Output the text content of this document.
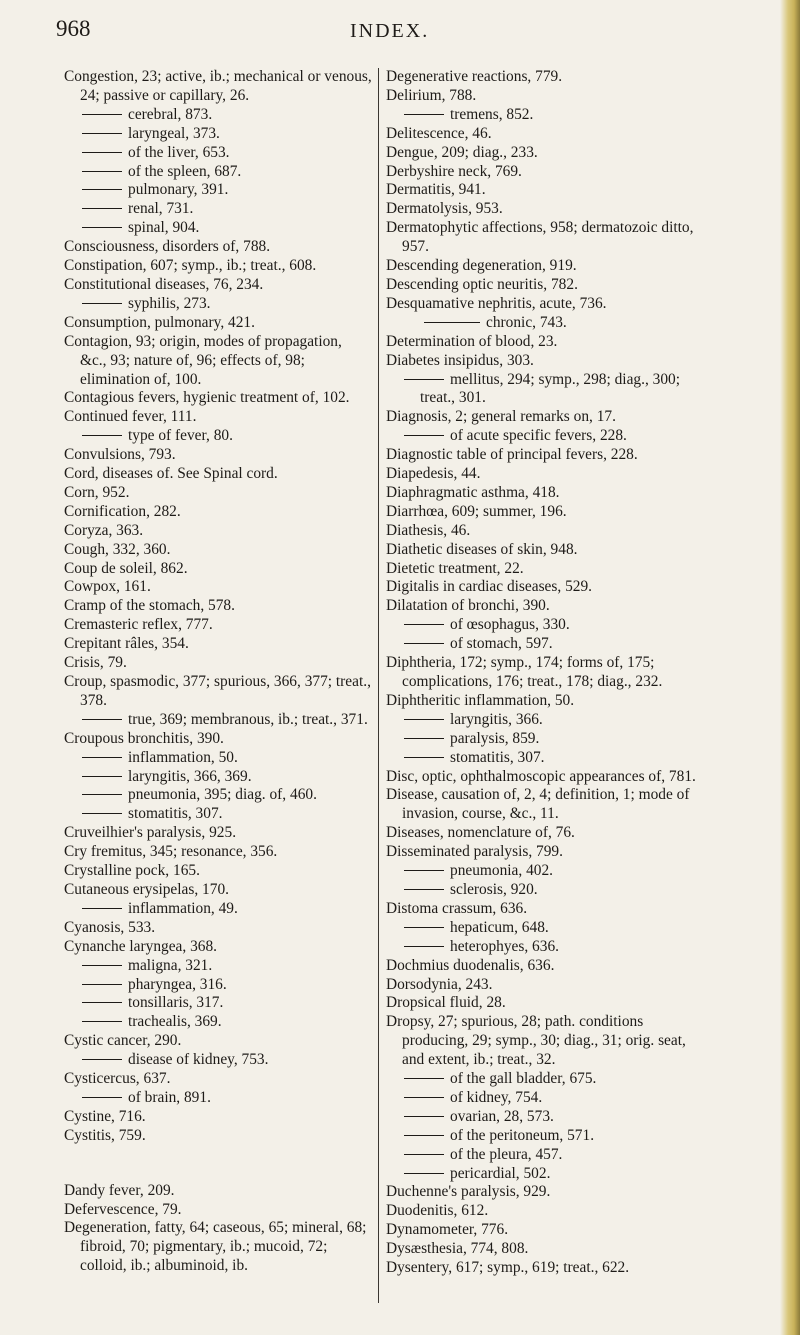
968	INDEX.
Congestion, 23; active, ib.; mechanical or venous, 24; passive or capillary, 26.
cerebral, 873.
laryngeal, 373.
of the liver, 653.
of the spleen, 687.
pulmonary, 391.
renal, 731.
spinal, 904.
Consciousness, disorders of, 788.
Constipation, 607; symp., ib.; treat., 608.
Constitutional diseases, 76, 234.
syphilis, 273.
Consumption, pulmonary, 421.
Contagion, 93; origin, modes of propagation, &c., 93; nature of, 96; effects of, 98; elimination of, 100.
Contagious fevers, hygienic treatment of, 102.
Continued fever, 111.
type of fever, 80.
Convulsions, 793.
Cord, diseases of. See Spinal cord.
Corn, 952.
Cornification, 282.
Coryza, 363.
Cough, 332, 360.
Coup de soleil, 862.
Cowpox, 161.
Cramp of the stomach, 578.
Cremasteric reflex, 777.
Crepitant râles, 354.
Crisis, 79.
Croup, spasmodic, 377; spurious, 366, 377; treat., 378.
true, 369; membranous, ib.; treat., 371.
Croupous bronchitis, 390.
inflammation, 50.
laryngitis, 366, 369.
pneumonia, 395; diag. of, 460.
stomatitis, 307.
Cruveilhier's paralysis, 925.
Cry fremitus, 345; resonance, 356.
Crystalline pock, 165.
Cutaneous erysipelas, 170.
inflammation, 49.
Cyanosis, 533.
Cynanche laryngea, 368.
maligna, 321.
pharyngea, 316.
tonsillaris, 317.
trachealis, 369.
Cystic cancer, 290.
disease of kidney, 753.
Cysticercus, 637.
of brain, 891.
Cystine, 716.
Cystitis, 759.
Dandy fever, 209.
Defervescence, 79.
Degeneration, fatty, 64; caseous, 65; mineral, 68; fibroid, 70; pigmentary, ib.; mucoid, 72; colloid, ib.; albuminoid, ib.
Degenerative reactions, 779.
Delirium, 788.
tremens, 852.
Delitescence, 46.
Dengue, 209; diag., 233.
Derbyshire neck, 769.
Dermatitis, 941.
Dermatolysis, 953.
Dermatophytic affections, 958; dermatozoic ditto, 957.
Descending degeneration, 919.
Descending optic neuritis, 782.
Desquamative nephritis, acute, 736.
chronic, 743.
Determination of blood, 23.
Diabetes insipidus, 303.
mellitus, 294; symp., 298; diag., 300; treat., 301.
Diagnosis, 2; general remarks on, 17.
of acute specific fevers, 228.
Diagnostic table of principal fevers, 228.
Diapedesis, 44.
Diaphragmatic asthma, 418.
Diarrhœa, 609; summer, 196.
Diathesis, 46.
Diathetic diseases of skin, 948.
Dietetic treatment, 22.
Digitalis in cardiac diseases, 529.
Dilatation of bronchi, 390.
of œsophagus, 330.
of stomach, 597.
Diphtheria, 172; symp., 174; forms of, 175; complications, 176; treat., 178; diag., 232.
Diphtheritic inflammation, 50.
laryngitis, 366.
paralysis, 859.
stomatitis, 307.
Disc, optic, ophthalmoscopic appearances of, 781.
Disease, causation of, 2, 4; definition, 1; mode of invasion, course, &c., 11.
Diseases, nomenclature of, 76.
Disseminated paralysis, 799.
pneumonia, 402.
sclerosis, 920.
Distoma crassum, 636.
hepaticum, 648.
heterophyes, 636.
Dochmius duodenalis, 636.
Dorsodynia, 243.
Dropsical fluid, 28.
Dropsy, 27; spurious, 28; path. conditions producing, 29; symp., 30; diag., 31; orig. seat, and extent, ib.; treat., 32.
of the gall bladder, 675.
of kidney, 754.
ovarian, 28, 573.
of the peritoneum, 571.
of the pleura, 457.
pericardial, 502.
Duchenne's paralysis, 929.
Duodenitis, 612.
Dynamometer, 776.
Dysæsthesia, 774, 808.
Dysentery, 617; symp., 619; treat., 622.
